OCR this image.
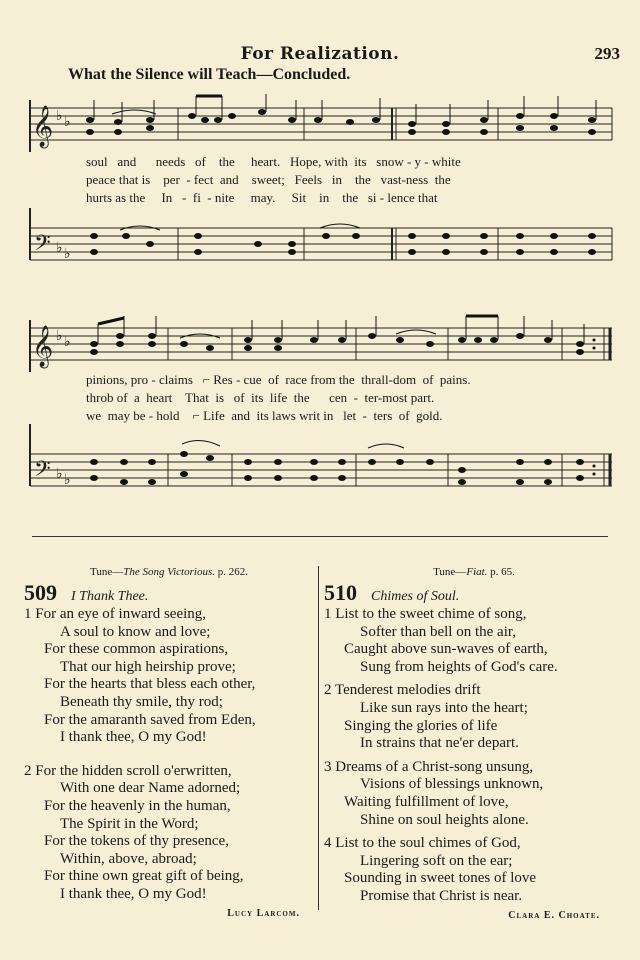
For Realization.	293
What the Silence will Teach—Concluded.
𝄞 ♭ ♭
soul   and      needs   of    the     heart.   Hope, with  its   snow - y - white
peace that is    per  - fect  and    sweet;   Feels   in    the   vast-ness  the
hurts as the     In   -  fi  - nite     may.     Sit    in    the   si - lence that
𝄢 ♭ ♭
𝄞 ♭ ♭
pinions, pro - claims   ⌐ Res - cue  of  race from the  thrall-dom  of  pains.
throb of  a  heart    That  is   of  its  life  the      cen  -  ter-most part.
we  may be - hold    ⌐ Life  and  its laws writ in   let  -  ters  of  gold.
𝄢 ♭ ♭
Tune—The Song Victorious. p. 262.
509 I Thank Thee.
1 For an eye of inward seeing,
A soul to know and love;
For these common aspirations,
That our high heirship prove;
For the hearts that bless each other,
Beneath thy smile, thy rod;
For the amaranth saved from Eden,
I thank thee, O my God!
2 For the hidden scroll o'erwritten,
With one dear Name adorned;
For the heavenly in the human,
The Spirit in the Word;
For the tokens of thy presence,
Within, above, abroad;
For thine own great gift of being,
I thank thee, O my God!
Lucy Larcom.
Tune—Fiat. p. 65.
510 Chimes of Soul.
1 List to the sweet chime of song,
Softer than bell on the air,
Caught above sun-waves of earth,
Sung from heights of God's care.
2 Tenderest melodies drift
Like sun rays into the heart;
Singing the glories of life
In strains that ne'er depart.
3 Dreams of a Christ-song unsung,
Visions of blessings unknown,
Waiting fulfillment of love,
Shine on soul heights alone.
4 List to the soul chimes of God,
Lingering soft on the ear;
Sounding in sweet tones of love
Promise that Christ is near.
Clara E. Choate.
